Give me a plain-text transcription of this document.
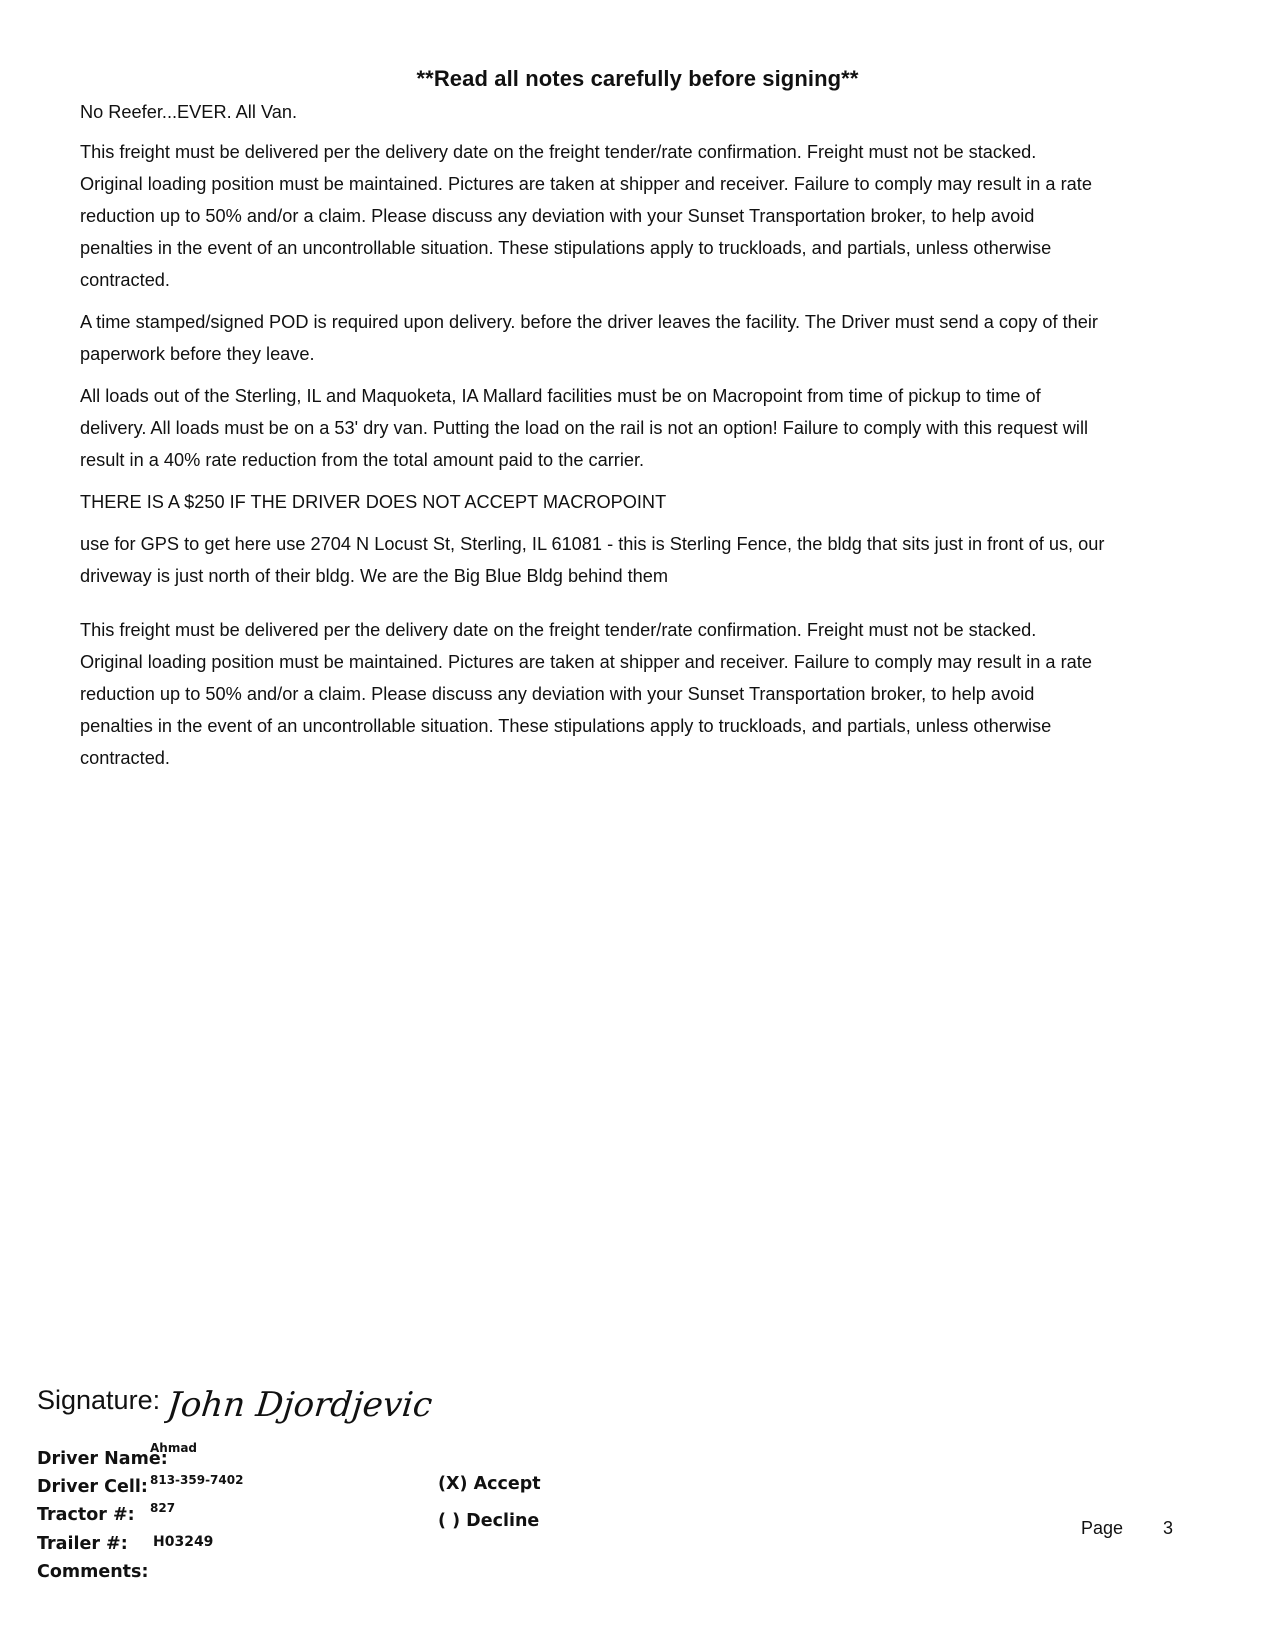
**Read all notes carefully before signing**

No Reefer...EVER. All Van.

This freight must be delivered per the delivery date on the freight tender/rate confirmation. Freight must not be stacked. Original loading position must be maintained. Pictures are taken at shipper and receiver. Failure to comply may result in a rate reduction up to 50% and/or a claim. Please discuss any deviation with your Sunset Transportation broker, to help avoid penalties in the event of an uncontrollable situation. These stipulations apply to truckloads, and partials, unless otherwise contracted.

A time stamped/signed POD is required upon delivery. before the driver leaves the facility. The Driver must send a copy of their paperwork before they leave.

All loads out of the Sterling, IL and Maquoketa, IA Mallard facilities must be on Macropoint from time of pickup to time of delivery. All loads must be on a 53' dry van. Putting the load on the rail is not an option! Failure to comply with this request will result in a 40% rate reduction from the total amount paid to the carrier.

THERE IS A $250 IF THE DRIVER DOES NOT ACCEPT MACROPOINT

use for GPS to get here use 2704 N Locust St, Sterling, IL 61081 - this is Sterling Fence, the bldg that sits just in front of us, our driveway is just north of their bldg. We are the Big Blue Bldg behind them

This freight must be delivered per the delivery date on the freight tender/rate confirmation. Freight must not be stacked. Original loading position must be maintained. Pictures are taken at shipper and receiver. Failure to comply may result in a rate reduction up to 50% and/or a claim. Please discuss any deviation with your Sunset Transportation broker, to help avoid penalties in the event of an uncontrollable situation. These stipulations apply to truckloads, and partials, unless otherwise contracted.

Signature: John Djordjevic
Driver Name:
Ahmad
Driver Cell: 813-359-7402
Tractor #: 827
Trailer #: H03249
Comments:
(X) Accept
( ) Decline	Page 3
